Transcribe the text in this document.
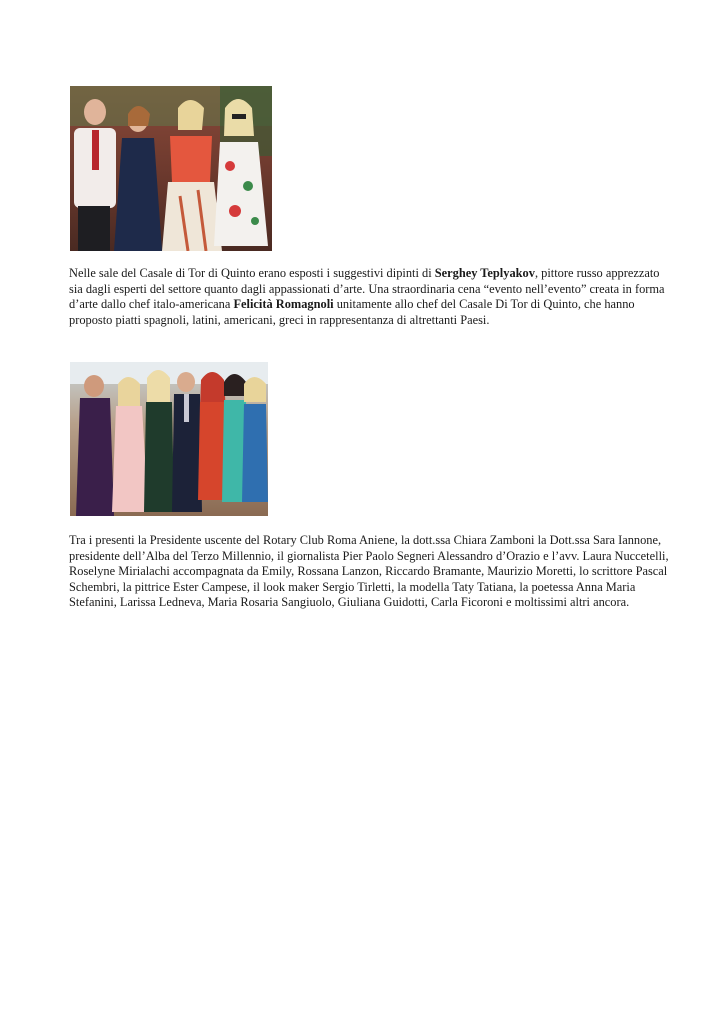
Nelle sale del Casale di Tor di Quinto erano esposti i suggestivi dipinti di Serghey Teplyakov, pittore russo apprezzato sia dagli esperti del settore quanto dagli appassionati d’arte. Una straordinaria cena “evento nell’evento” creata in forma d’arte dallo chef italo-americana Felicità Romagnoli unitamente allo chef del Casale Di Tor di Quinto, che hanno proposto piatti spagnoli, latini, americani, greci in rappresentanza di altrettanti Paesi.

Tra i presenti la Presidente uscente del Rotary Club Roma Aniene, la dott.ssa Chiara Zamboni la Dott.ssa Sara Iannone, presidente dell’Alba del Terzo Millennio, il giornalista Pier Paolo Segneri Alessandro d’Orazio e l’avv. Laura Nuccetelli, Roselyne Mirialachi accompagnata da Emily, Rossana Lanzon, Riccardo Bramante, Maurizio Moretti, lo scrittore Pascal Schembri, la pittrice Ester Campese, il look maker Sergio Tirletti, la modella Taty Tatiana, la poetessa Anna Maria Stefanini, Larissa Ledneva, Maria Rosaria Sangiuolo, Giuliana Guidotti, Carla Ficoroni e moltissimi altri ancora.
